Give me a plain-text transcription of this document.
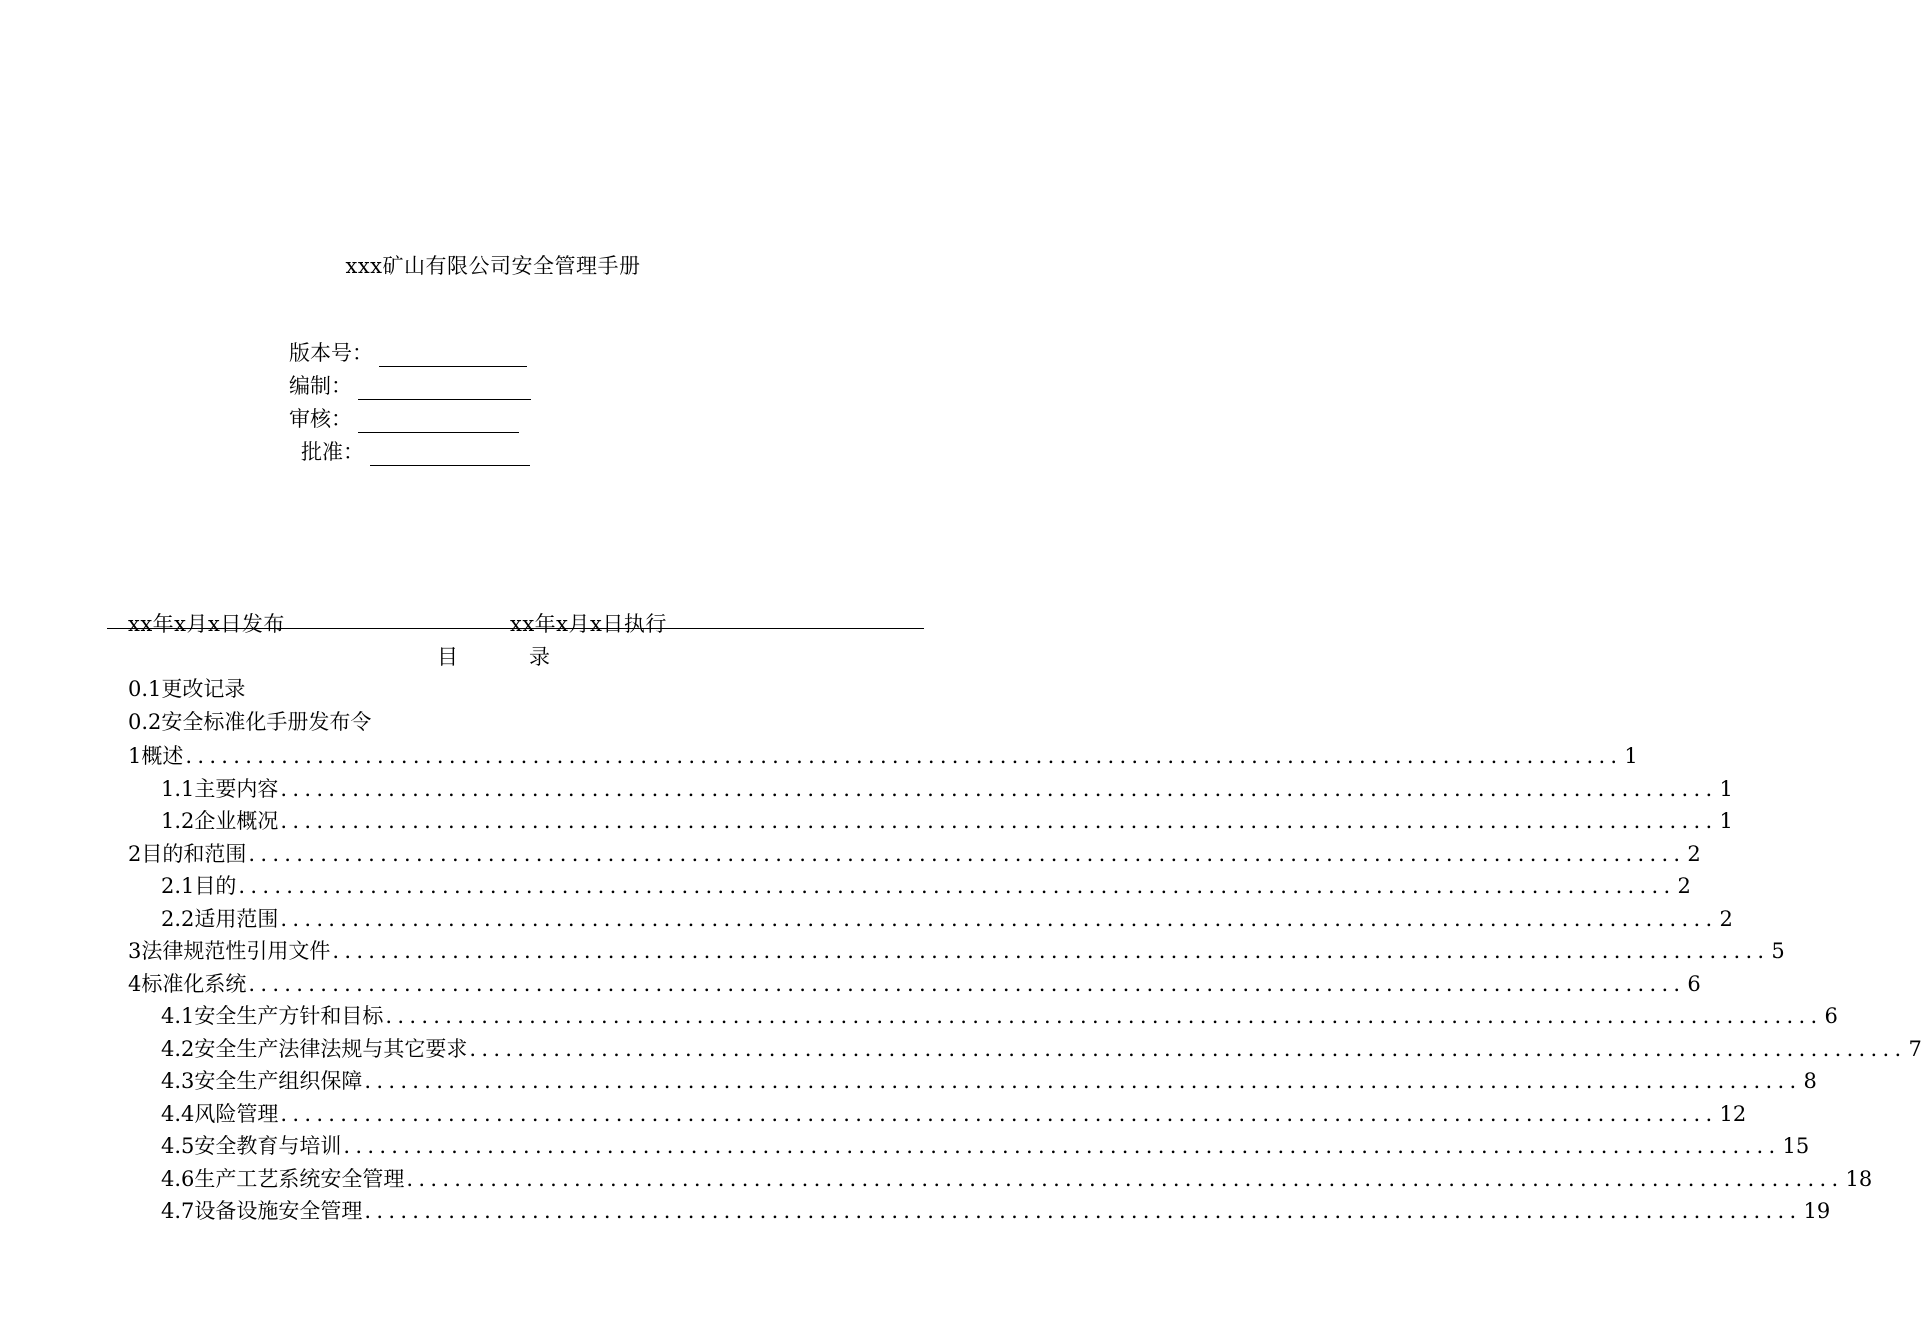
xxx矿山有限公司安全管理手册
版本号：
编制：
审核：
批准：
xx年x月x日发布	xx年x月x日执行
目	录
0.1更改记录
0.2安全标准化手册发布令
1概述 ........................................................................................................................ 1
1.1主要内容 ........................................................................................................................ 1
1.2企业概况 ........................................................................................................................ 1
2目的和范围 ........................................................................................................................ 2
2.1目的 ........................................................................................................................ 2
2.2适用范围 ........................................................................................................................ 2
3法律规范性引用文件 ........................................................................................................................ 5
4标准化系统 ........................................................................................................................ 6
4.1安全生产方针和目标 ........................................................................................................................ 6
4.2安全生产法律法规与其它要求 ........................................................................................................................ 7
4.3安全生产组织保障 ........................................................................................................................ 8
4.4风险管理 ........................................................................................................................ 12
4.5安全教育与培训 ........................................................................................................................ 15
4.6生产工艺系统安全管理 ........................................................................................................................ 18
4.7设备设施安全管理 ........................................................................................................................ 19
